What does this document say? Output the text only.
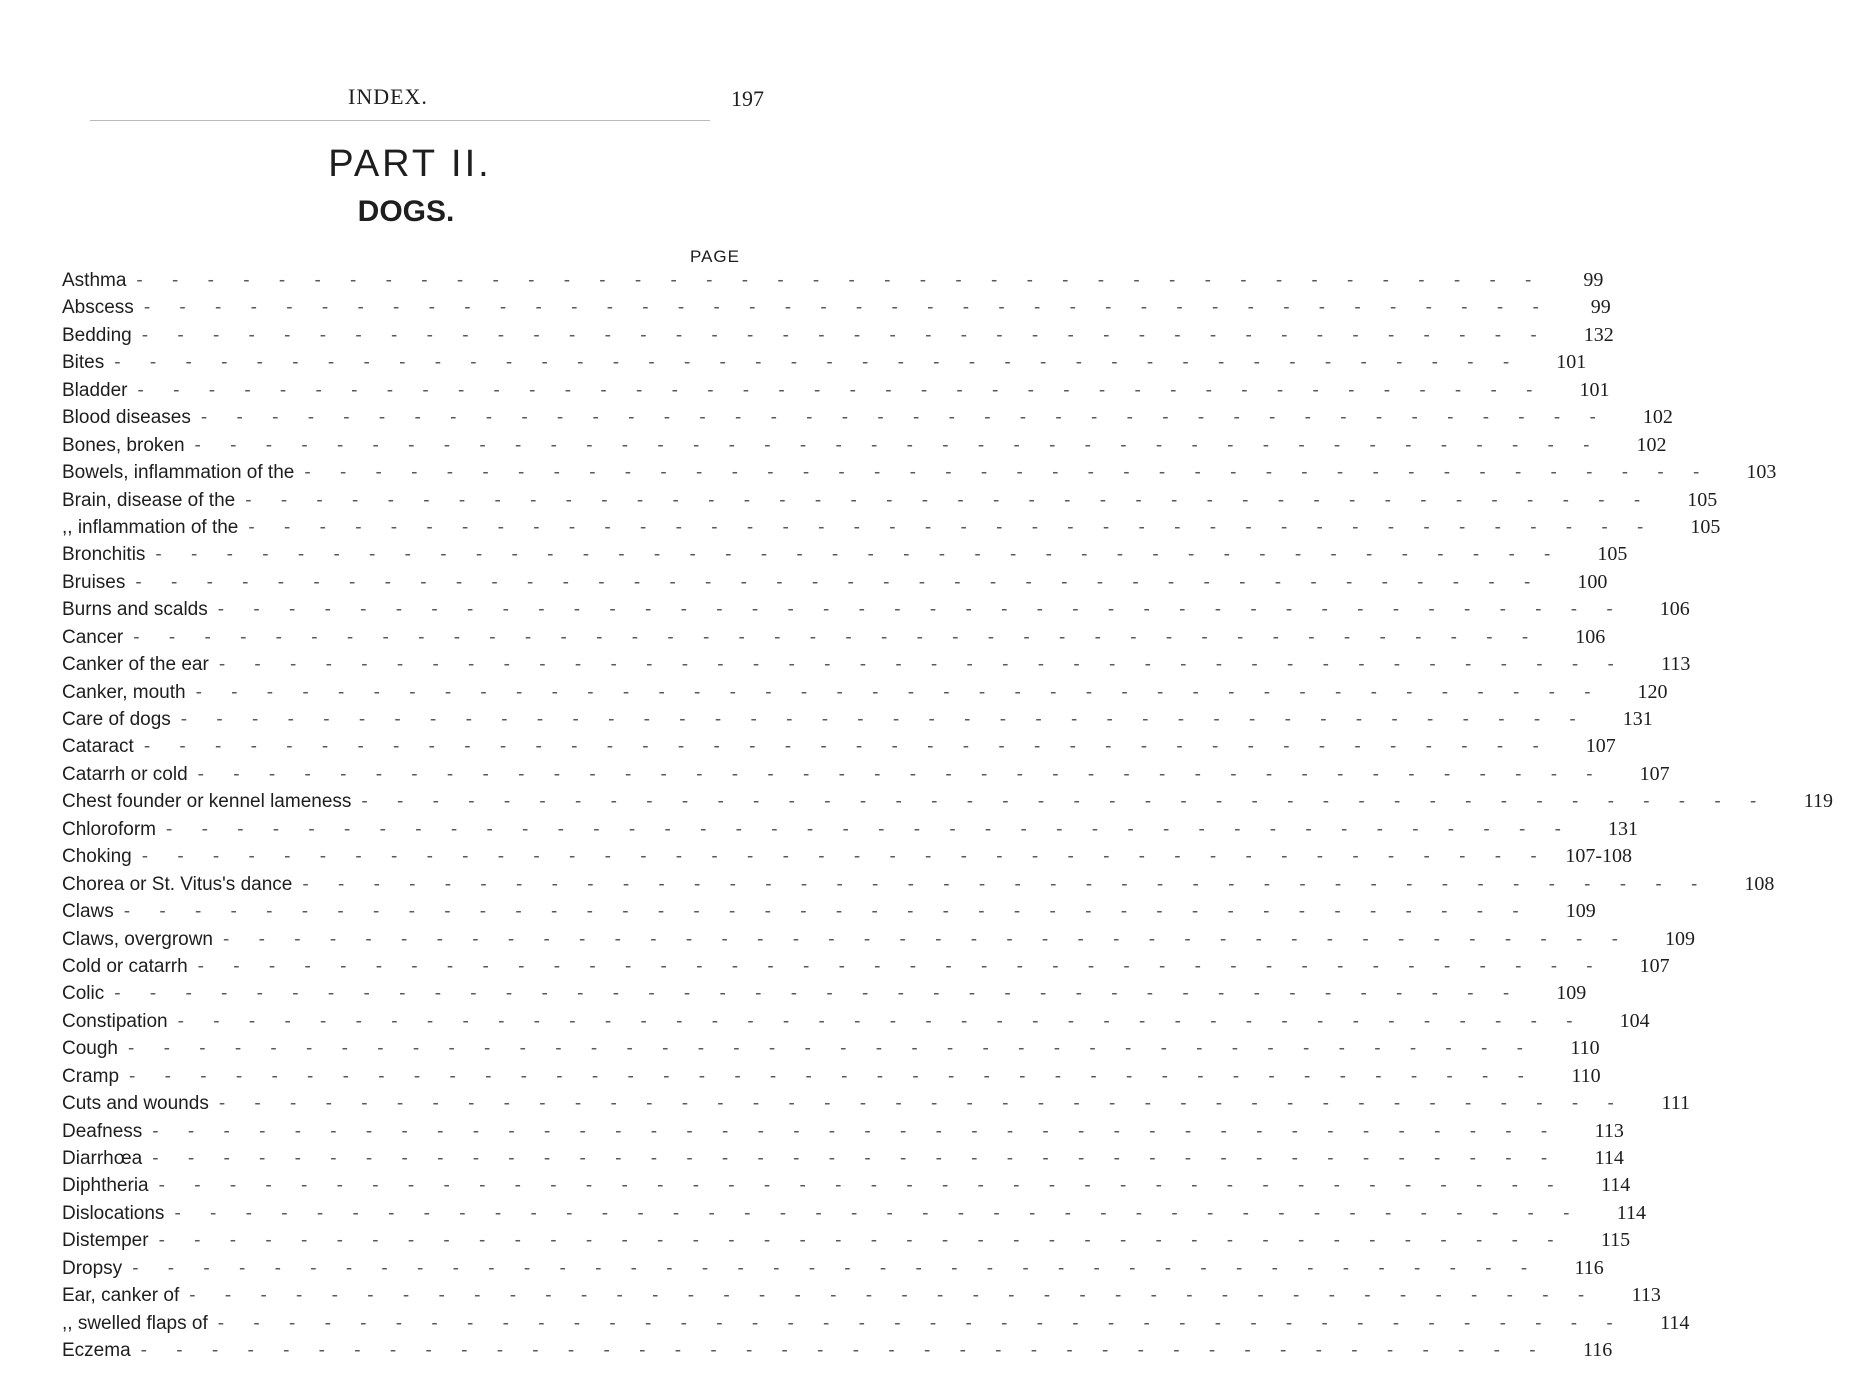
INDEX.	197
PART II.
DOGS.
PAGE
Asthma - - - - - - - - - - - - - - - - - - - - - - - - - - - - - - - - - - - - - - - -	99
Abscess - - - - - - - - - - - - - - - - - - - - - - - - - - - - - - - - - - - - - - - -	99
Bedding - - - - - - - - - - - - - - - - - - - - - - - - - - - - - - - - - - - - - - - -	132
Bites - - - - - - - - - - - - - - - - - - - - - - - - - - - - - - - - - - - - - - - -	101
Bladder - - - - - - - - - - - - - - - - - - - - - - - - - - - - - - - - - - - - - - - -	101
Blood diseases - - - - - - - - - - - - - - - - - - - - - - - - - - - - - - - - - - - - - - - -	102
Bones, broken - - - - - - - - - - - - - - - - - - - - - - - - - - - - - - - - - - - - - - - -	102
Bowels, inflammation of the - - - - - - - - - - - - - - - - - - - - - - - - - - - - - - - - - - - - - - - -	103
Brain, disease of the - - - - - - - - - - - - - - - - - - - - - - - - - - - - - - - - - - - - - - - -	105
,, inflammation of the - - - - - - - - - - - - - - - - - - - - - - - - - - - - - - - - - - - - - - - -	105
Bronchitis - - - - - - - - - - - - - - - - - - - - - - - - - - - - - - - - - - - - - - - -	105
Bruises - - - - - - - - - - - - - - - - - - - - - - - - - - - - - - - - - - - - - - - -	100
Burns and scalds - - - - - - - - - - - - - - - - - - - - - - - - - - - - - - - - - - - - - - - -	106
Cancer - - - - - - - - - - - - - - - - - - - - - - - - - - - - - - - - - - - - - - - -	106
Canker of the ear - - - - - - - - - - - - - - - - - - - - - - - - - - - - - - - - - - - - - - - -	113
Canker, mouth - - - - - - - - - - - - - - - - - - - - - - - - - - - - - - - - - - - - - - - -	120
Care of dogs - - - - - - - - - - - - - - - - - - - - - - - - - - - - - - - - - - - - - - - -	131
Cataract - - - - - - - - - - - - - - - - - - - - - - - - - - - - - - - - - - - - - - - -	107
Catarrh or cold - - - - - - - - - - - - - - - - - - - - - - - - - - - - - - - - - - - - - - - -	107
Chest founder or kennel lameness - - - - - - - - - - - - - - - - - - - - - - - - - - - - - - - - - - - - - - - -	119
Chloroform - - - - - - - - - - - - - - - - - - - - - - - - - - - - - - - - - - - - - - - -	131
Choking - - - - - - - - - - - - - - - - - - - - - - - - - - - - - - - - - - - - - - - - 107-108
Chorea or St. Vitus's dance - - - - - - - - - - - - - - - - - - - - - - - - - - - - - - - - - - - - - - - -	108
Claws - - - - - - - - - - - - - - - - - - - - - - - - - - - - - - - - - - - - - - - -	109
Claws, overgrown - - - - - - - - - - - - - - - - - - - - - - - - - - - - - - - - - - - - - - - -	109
Cold or catarrh - - - - - - - - - - - - - - - - - - - - - - - - - - - - - - - - - - - - - - - -	107
Colic - - - - - - - - - - - - - - - - - - - - - - - - - - - - - - - - - - - - - - - -	109
Constipation - - - - - - - - - - - - - - - - - - - - - - - - - - - - - - - - - - - - - - - -	104
Cough - - - - - - - - - - - - - - - - - - - - - - - - - - - - - - - - - - - - - - - -	110
Cramp - - - - - - - - - - - - - - - - - - - - - - - - - - - - - - - - - - - - - - - -	110
Cuts and wounds - - - - - - - - - - - - - - - - - - - - - - - - - - - - - - - - - - - - - - - -	111
Deafness - - - - - - - - - - - - - - - - - - - - - - - - - - - - - - - - - - - - - - - -	113
Diarrhœa - - - - - - - - - - - - - - - - - - - - - - - - - - - - - - - - - - - - - - - -	114
Diphtheria - - - - - - - - - - - - - - - - - - - - - - - - - - - - - - - - - - - - - - - -	114
Dislocations - - - - - - - - - - - - - - - - - - - - - - - - - - - - - - - - - - - - - - - -	114
Distemper - - - - - - - - - - - - - - - - - - - - - - - - - - - - - - - - - - - - - - - -	115
Dropsy - - - - - - - - - - - - - - - - - - - - - - - - - - - - - - - - - - - - - - - -	116
Ear, canker of - - - - - - - - - - - - - - - - - - - - - - - - - - - - - - - - - - - - - - - -	113
,, swelled flaps of - - - - - - - - - - - - - - - - - - - - - - - - - - - - - - - - - - - - - - - -	114
Eczema - - - - - - - - - - - - - - - - - - - - - - - - - - - - - - - - - - - - - - - -	116
